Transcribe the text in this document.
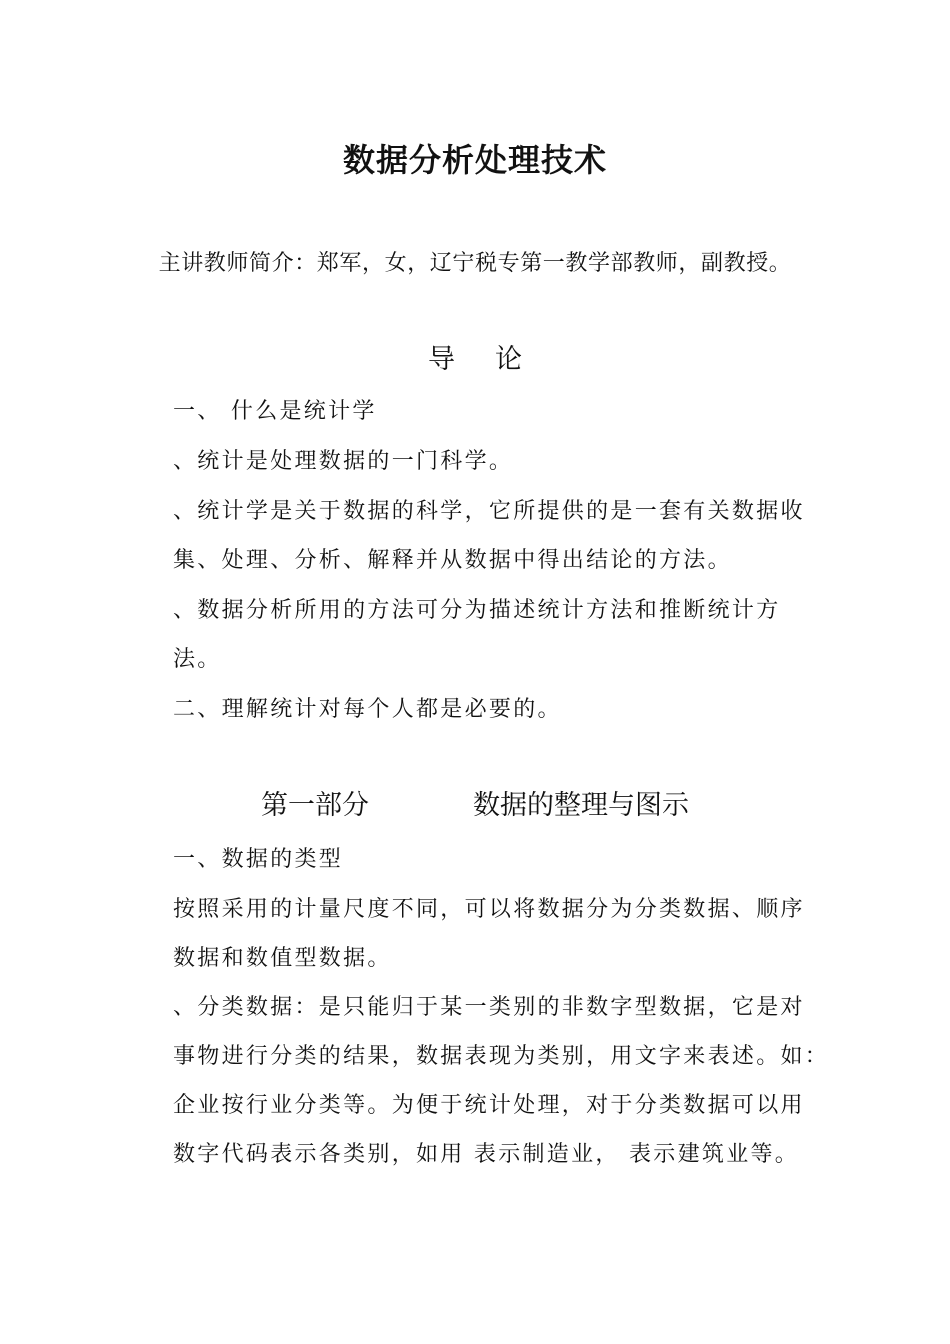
数据分析处理技术
主讲教师简介：郑军，女，辽宁税专第一教学部教师，副教授。
导 论
一、 什么是统计学
、统计是处理数据的一门科学。
、统计学是关于数据的科学，它所提供的是一套有关数据收
集、处理、分析、解释并从数据中得出结论的方法。
、数据分析所用的方法可分为描述统计方法和推断统计方
法。
二、理解统计对每个人都是必要的。
第一部分	数据的整理与图示
一、数据的类型
按照采用的计量尺度不同，可以将数据分为分类数据、顺序
数据和数值型数据。
、分类数据：是只能归于某一类别的非数字型数据，它是对
事物进行分类的结果，数据表现为类别，用文字来表述。如：
企业按行业分类等。为便于统计处理，对于分类数据可以用
数字代码表示各类别，如用 表示制造业， 表示建筑业等。
